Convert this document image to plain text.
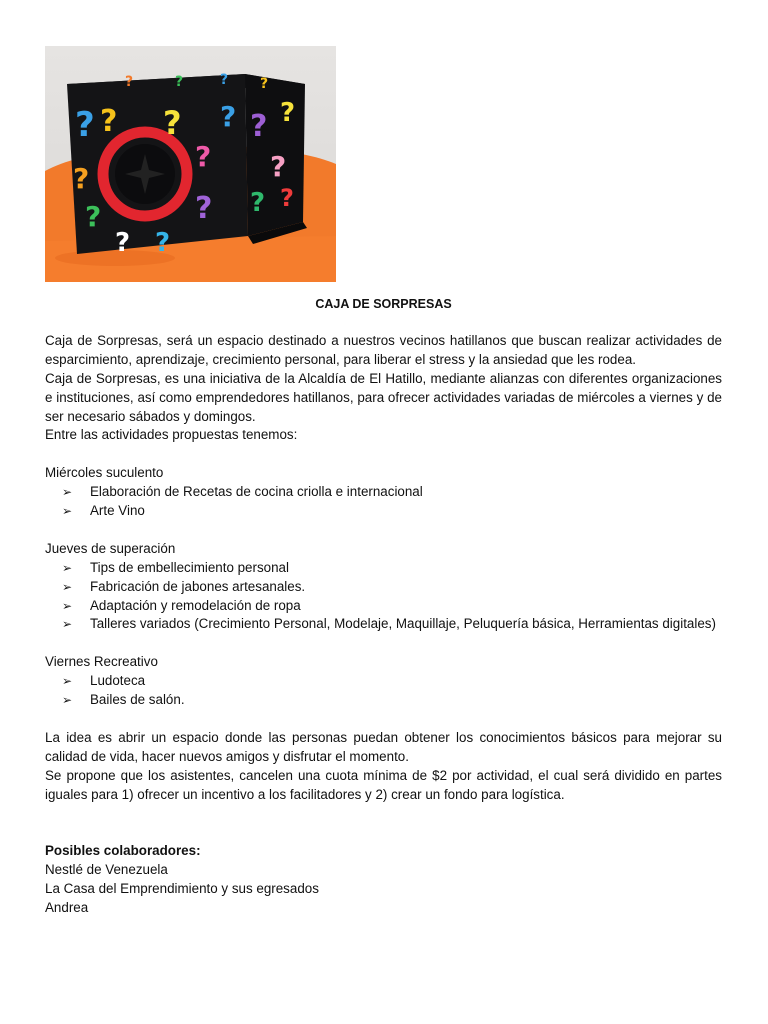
? ? ?
?
?
?	?
? ?
? ? ?
?
? ?
?	?	? ?
CAJA DE SORPRESAS

Caja de Sorpresas, será un espacio destinado a nuestros vecinos hatillanos que buscan realizar actividades de esparcimiento, aprendizaje, crecimiento personal, para liberar el stress y la ansiedad que les rodea.

Caja de Sorpresas, es una iniciativa de la Alcaldía de El Hatillo, mediante alianzas con diferentes organizaciones e instituciones, así como emprendedores hatillanos, para ofrecer actividades variadas de miércoles a viernes y de ser necesario sábados y domingos.

Entre las actividades propuestas tenemos:

Miércoles suculento

➢ Elaboración de Recetas de cocina criolla e internacional
➢ Arte Vino

Jueves de superación

➢ Tips de embellecimiento personal
➢ Fabricación de jabones artesanales.
➢ Adaptación y remodelación de ropa
➢ Talleres variados (Crecimiento Personal, Modelaje, Maquillaje, Peluquería básica, Herramientas digitales)

Viernes Recreativo

➢ Ludoteca
➢ Bailes de salón.

La idea es abrir un espacio donde las personas puedan obtener los conocimientos básicos para mejorar su calidad de vida, hacer nuevos amigos y disfrutar el momento.

Se propone que los asistentes, cancelen una cuota mínima de $2 por actividad, el cual será dividido en partes iguales para 1) ofrecer un incentivo a los facilitadores y 2) crear un fondo para logística.

Posibles colaboradores:

Nestlé de Venezuela

La Casa del Emprendimiento y sus egresados

Andrea
